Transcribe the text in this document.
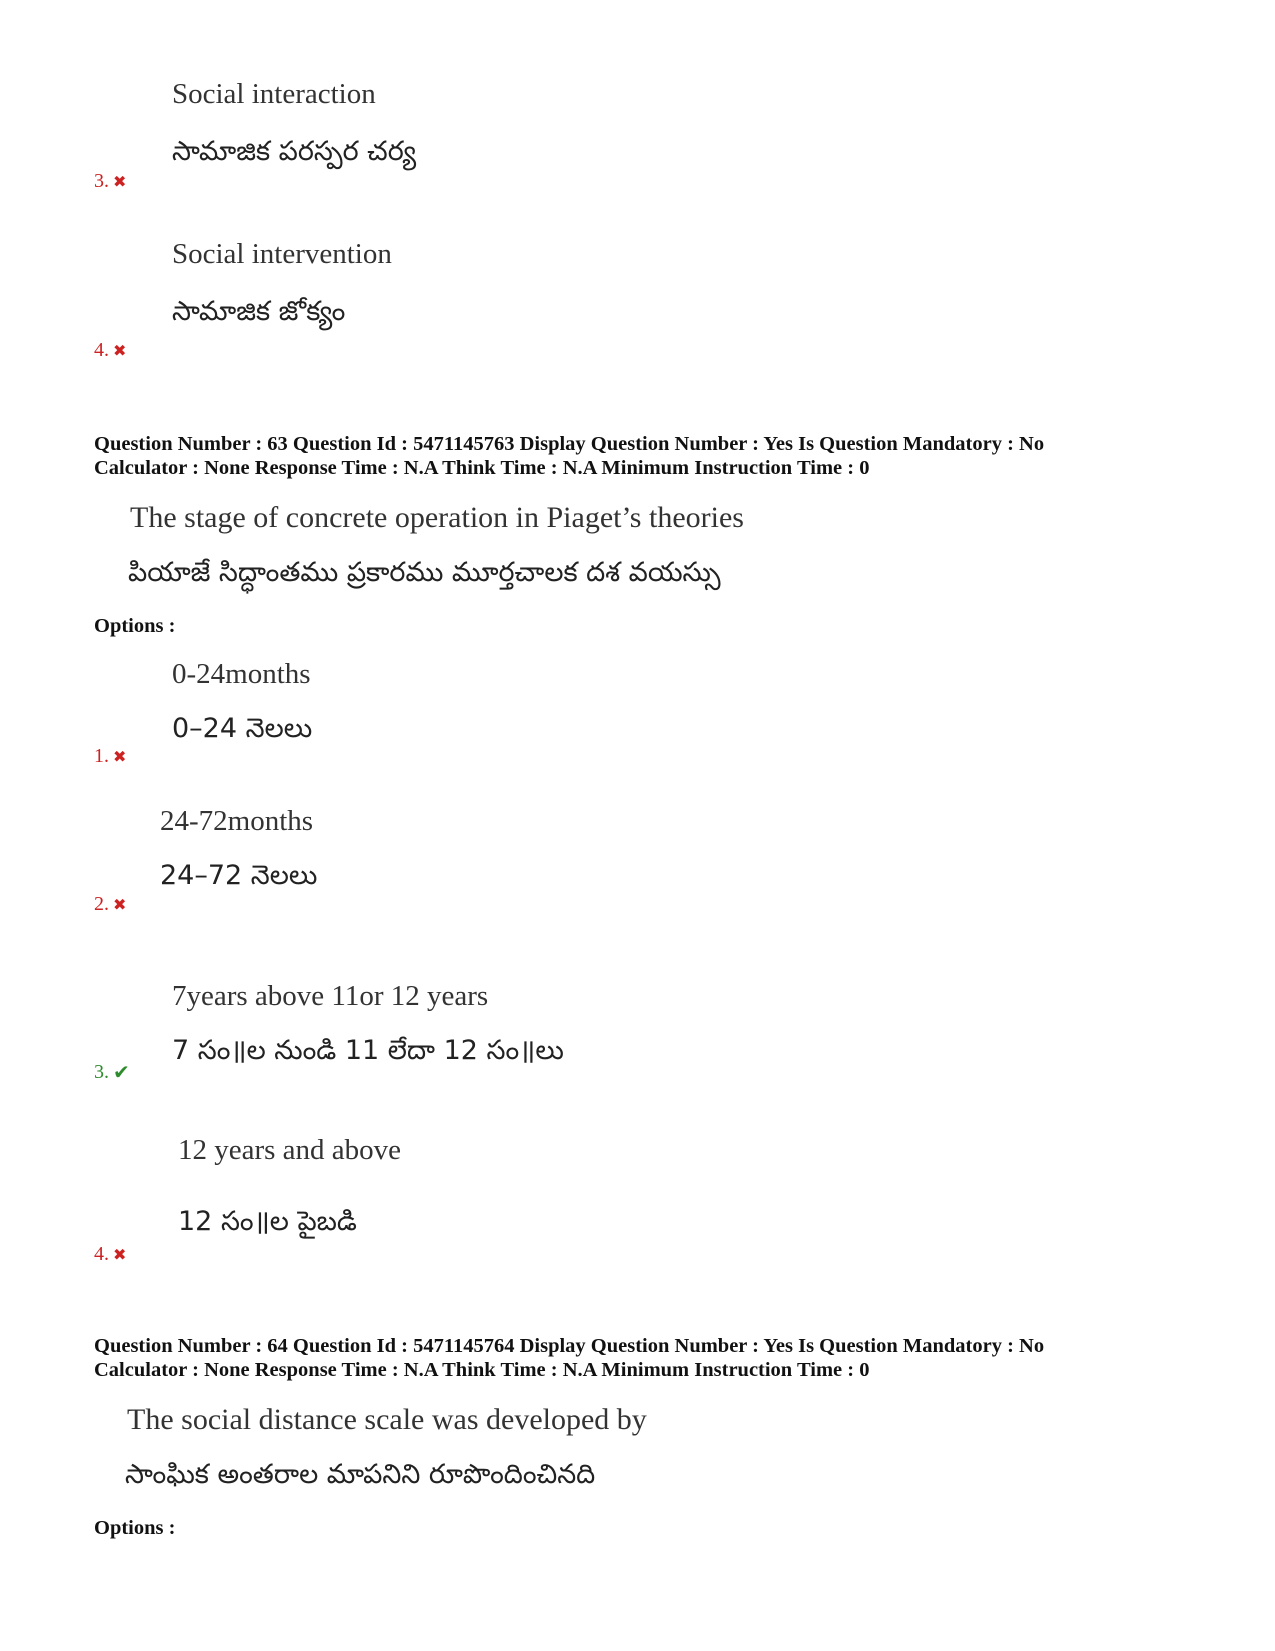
Social interaction
సామాజిక పరస్పర చర్య
3. ✖
Social intervention
సామాజిక జోక్యం
4. ✖
Question Number : 63 Question Id : 5471145763 Display Question Number : Yes Is Question Mandatory : No
Calculator : None Response Time : N.A Think Time : N.A Minimum Instruction Time : 0
The stage of concrete operation in Piaget’s theories
పియాజే సిద్ధాంతము ప్రకారము మూర్తచాలక దశ వయస్సు
Options :
0-24months
0–24 నెలలు
1. ✖
24-72months
24–72 నెలలు
2. ✖
7years above 11or 12 years
7 సం॥ల నుండి 11 లేదా 12 సం॥లు
3. ✔
12 years and above
12 సం॥ల పైబడి
4. ✖
Question Number : 64 Question Id : 5471145764 Display Question Number : Yes Is Question Mandatory : No
Calculator : None Response Time : N.A Think Time : N.A Minimum Instruction Time : 0
The social distance scale was developed by
సాంఘిక అంతరాల మాపనిని రూపొందించినది
Options :
